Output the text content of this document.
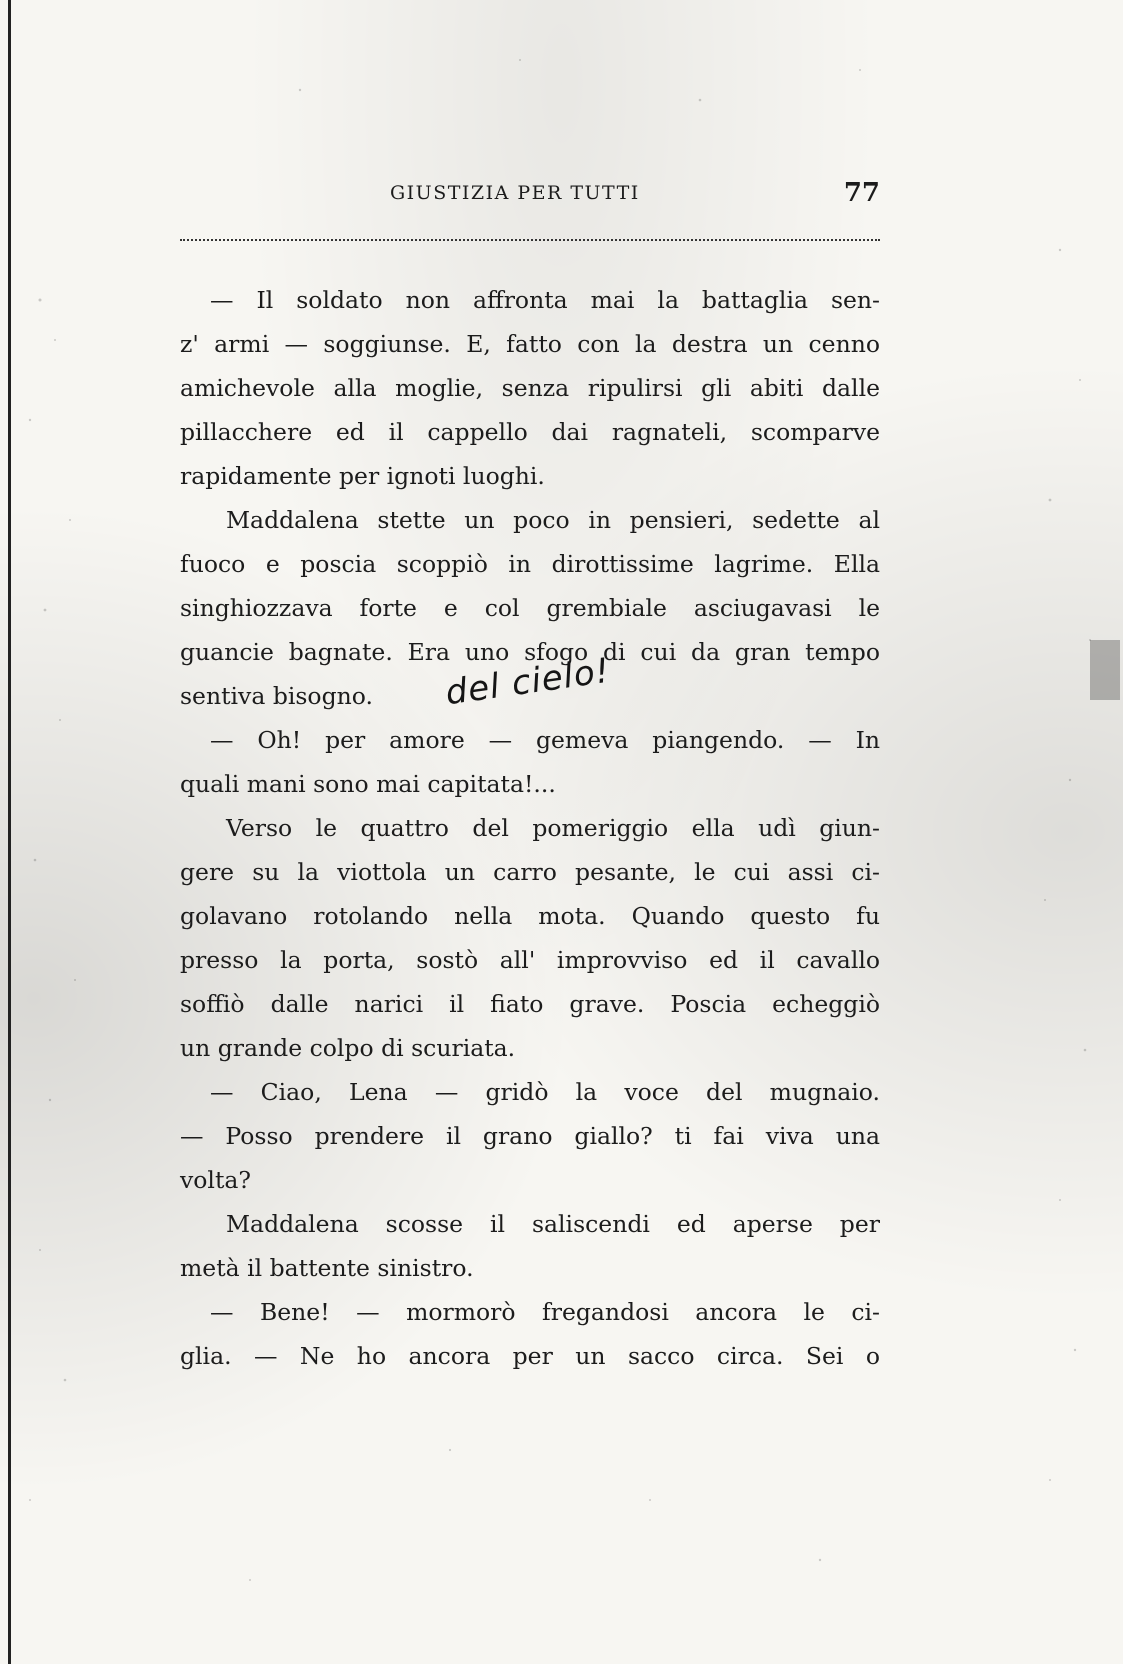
GIUSTIZIA PER TUTTI	77
— Il soldato non affronta mai la battaglia sen-
z' armi — soggiunse. E, fatto con la destra un cenno
amichevole alla moglie, senza ripulirsi gli abiti dalle
pillacchere ed il cappello dai ragnateli, scomparve
rapidamente per ignoti luoghi.
Maddalena stette un poco in pensieri, sedette al
fuoco e poscia scoppiò in dirottissime lagrime. Ella
singhiozzava forte e col grembiale asciugavasi le
guancie bagnate. Era uno sfogo di cui da gran tempo
sentiva bisogno.
— Oh! per amore — gemeva piangendo. — In
quali mani sono mai capitata!...
Verso le quattro del pomeriggio ella udì giun-
gere su la viottola un carro pesante, le cui assi ci-
golavano rotolando nella mota. Quando questo fu
presso la porta, sostò all' improvviso ed il cavallo
soffiò dalle narici il fiato grave. Poscia echeggiò
un grande colpo di scuriata.
— Ciao, Lena — gridò la voce del mugnaio.
— Posso prendere il grano giallo? ti fai viva una
volta?
Maddalena scosse il saliscendi ed aperse per
metà il battente sinistro.
— Bene! — mormorò fregandosi ancora le ci-
glia. — Ne ho ancora per un sacco circa. Sei o
del cielo!
